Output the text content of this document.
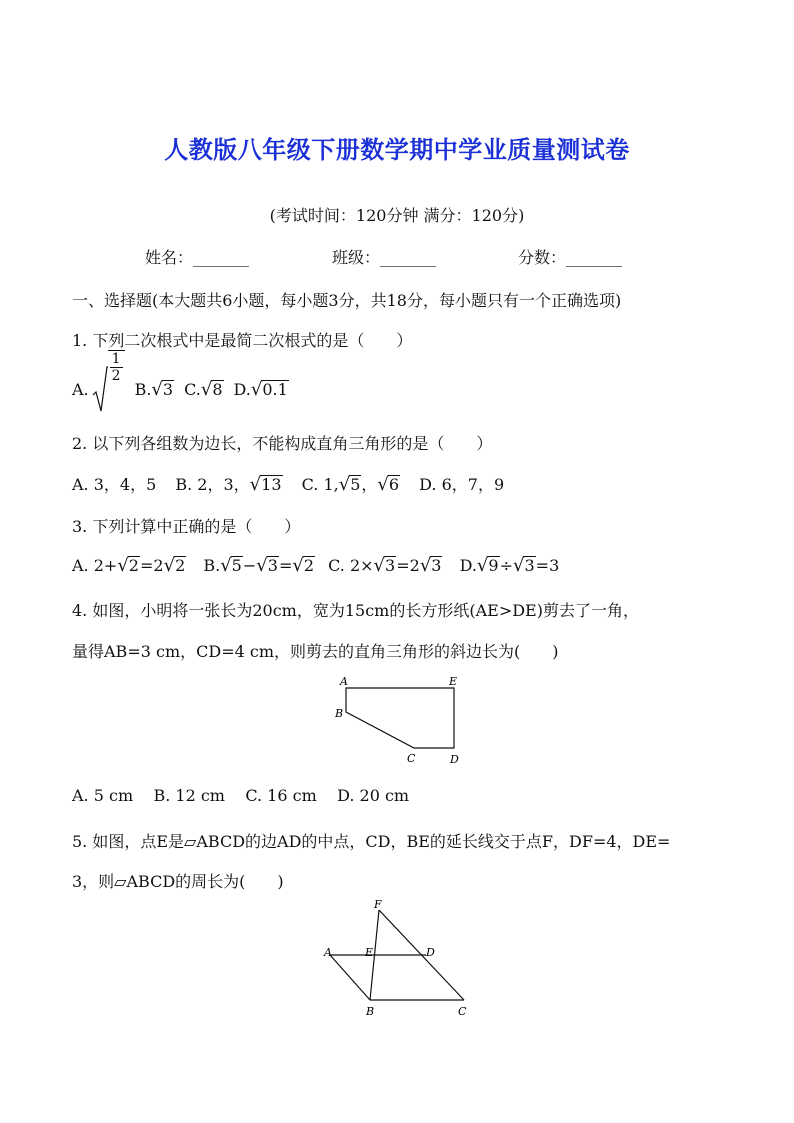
人教版八年级下册数学期中学业质量测试卷
(考试时间：120分钟 满分：120分)
姓名：_______	班级：_______	分数：_______
一、选择题(本大题共6小题，每小题3分，共18分，每小题只有一个正确选项)
1. 下列二次根式中是最简二次根式的是（　　）
A.
$\frac{1}{2}$
B. √ 3 C. √ 8 D. √ 0.1
2. 以下列各组数为边长，不能构成直角三角形的是（　　）
A. 3，4，5 B. 2，3，√13 C. 1,√5，√6 D. 6，7，9
3. 下列计算中正确的是（　　）
A. 2+√2=2√2 B.√5−√3=√2 C. 2×√3=2√3 D.√9÷√3=3
4. 如图，小明将一张长为20cm，宽为15cm的长方形纸(AE>DE)剪去了一角，
量得AB=3 cm，CD=4 cm，则剪去的直角三角形的斜边长为(　　)
A	E
B
C	D
A. 5 cm    B. 12 cm    C. 16 cm    D. 20 cm
5. 如图，点E是▱ABCD的边AD的中点，CD，BE的延长线交于点F，DF=4，DE=
3，则▱ABCD的周长为(　　)
F
A	E	D
B	C
